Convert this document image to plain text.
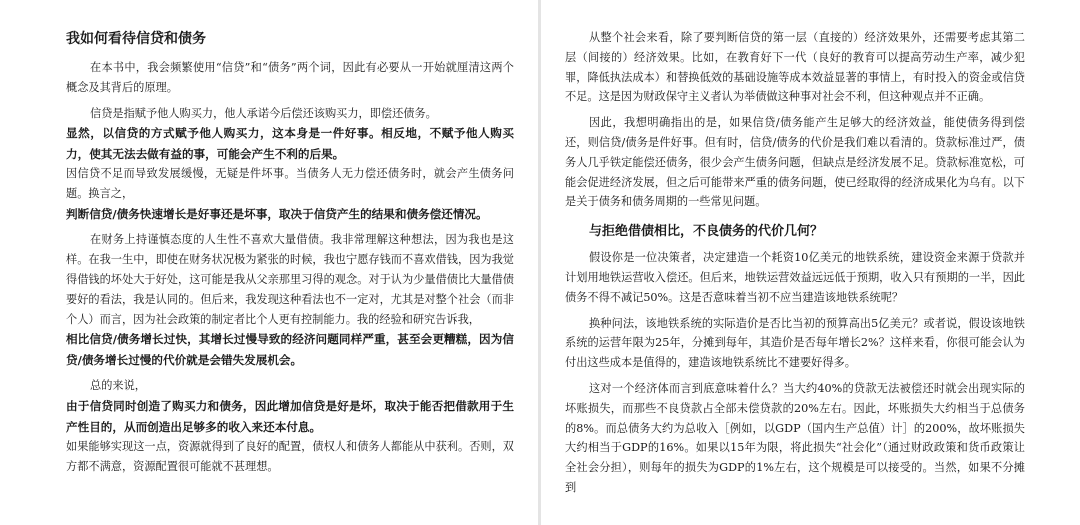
我如何看待信贷和债务

在本书中，我会频繁使用“信贷”和“债务”两个词，因此有必要从一开始就厘清这两个概念及其背后的原理。

信贷是指赋予他人购买力，他人承诺今后偿还该购买力，即偿还债务。

显然，以信贷的方式赋予他人购买力，这本身是一件好事。相反地，不赋予他人购买力，使其无法去做有益的事，可能会产生不利的后果。

因信贷不足而导致发展缓慢，无疑是件坏事。当债务人无力偿还债务时，就会产生债务问题。换言之，

判断信贷/债务快速增长是好事还是坏事，取决于信贷产生的结果和债务偿还情况。

在财务上持谨慎态度的人生性不喜欢大量借债。我非常理解这种想法，因为我也是这样。在我一生中，即使在财务状况极为紧张的时候，我也宁愿存钱而不喜欢借钱，因为我觉得借钱的坏处大于好处，这可能是我从父亲那里习得的观念。对于认为少量借债比大量借债要好的看法，我是认同的。但后来，我发现这种看法也不一定对，尤其是对整个社会（而非个人）而言，因为社会政策的制定者比个人更有控制能力。我的经验和研究告诉我，

相比信贷/债务增长过快，其增长过慢导致的经济问题同样严重，甚至会更糟糕，因为信贷/债务增长过慢的代价就是会错失发展机会。

总的来说，

由于信贷同时创造了购买力和债务，因此增加信贷是好是坏，取决于能否把借款用于生产性目的，从而创造出足够多的收入来还本付息。

如果能够实现这一点，资源就得到了良好的配置，债权人和债务人都能从中获利。否则，双方都不满意，资源配置很可能就不甚理想。

从整个社会来看，除了要判断信贷的第一层（直接的）经济效果外，还需要考虑其第二层（间接的）经济效果。比如，在教育好下一代（良好的教育可以提高劳动生产率，减少犯罪，降低执法成本）和替换低效的基础设施等成本效益显著的事情上，有时投入的资金或信贷不足。这是因为财政保守主义者认为举债做这种事对社会不利，但这种观点并不正确。

因此，我想明确指出的是，如果信贷/债务能产生足够大的经济效益，能使债务得到偿还，则信贷/债务是件好事。但有时，信贷/债务的代价是我们难以看清的。贷款标准过严，债务人几乎铁定能偿还债务，很少会产生债务问题，但缺点是经济发展不足。贷款标准宽松，可能会促进经济发展，但之后可能带来严重的债务问题，使已经取得的经济成果化为乌有。以下是关于债务和债务周期的一些常见问题。

与拒绝借债相比，不良债务的代价几何？

假设你是一位决策者，决定建造一个耗资10亿美元的地铁系统，建设资金来源于贷款并计划用地铁运营收入偿还。但后来，地铁运营效益远远低于预期，收入只有预期的一半，因此债务不得不减记50%。这是否意味着当初不应当建造该地铁系统呢？

换种问法，该地铁系统的实际造价是否比当初的预算高出5亿美元？或者说，假设该地铁系统的运营年限为25年，分摊到每年，其造价是否每年增长2%？这样来看，你很可能会认为付出这些成本是值得的，建造该地铁系统比不建要好得多。

这对一个经济体而言到底意味着什么？当大约40%的贷款无法被偿还时就会出现实际的坏账损失，而那些不良贷款占全部未偿贷款的20%左右。因此，坏账损失大约相当于总债务的8%。而总债务大约为总收入［例如，以GDP（国内生产总值）计］的200%，故坏账损失大约相当于GDP的16%。如果以15年为限，将此损失“社会化”（通过财政政策和货币政策让全社会分担），则每年的损失为GDP的1%左右，这个规模是可以接受的。当然，如果不分摊到
